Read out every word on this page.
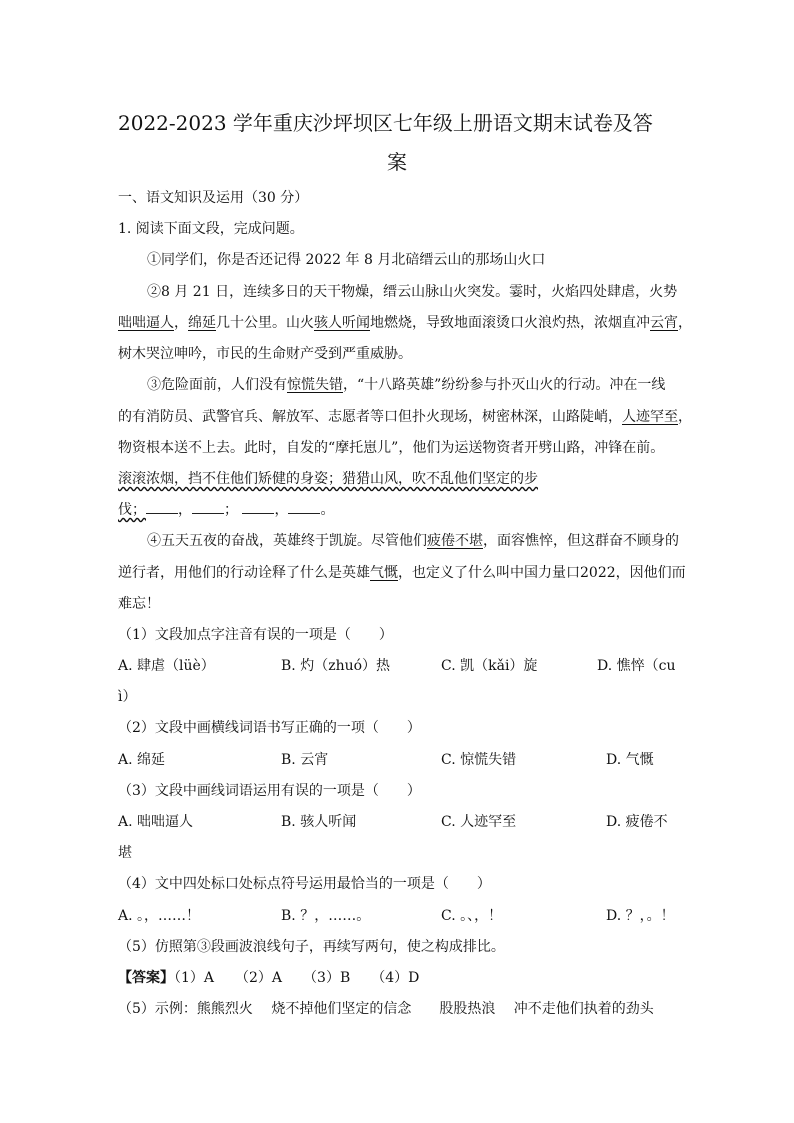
2022-2023 学年重庆沙坪坝区七年级上册语文期末试卷及答
案
一、语文知识及运用（30 分）
1. 阅读下面文段，完成问题。
①同学们，你是否还记得 2022 年 8 月北碚缙云山的那场山火口
②8 月 21 日，连续多日的天干物燥，缙云山脉山火突发。霎时，火焰四处肆虐，火势
咄咄逼人，绵延几十公里。山火骇人听闻地燃烧，导致地面滚烫口火浪灼热，浓烟直冲云宵，
树木哭泣呻吟，市民的生命财产受到严重威胁。
③危险面前，人们没有惊慌失错，“十八路英雄”纷纷参与扑灭山火的行动。冲在一线
的有消防员、武警官兵、解放军、志愿者等口但扑火现场，树密林深，山路陡峭，人迹罕至，
物资根本送不上去。此时，自发的“摩托崽儿”，他们为运送物资者开劈山路，冲锋在前。
滚滚浓烟，挡不住他们矫健的身姿；猎猎山风，吹不乱他们坚定的步
伐； ， ；	， 。
④五天五夜的奋战，英雄终于凯旋。尽管他们疲倦不堪，面容憔悴，但这群奋不顾身的
逆行者，用他们的行动诠释了什么是英雄气慨，也定义了什么叫中国力量口2022，因他们而
难忘！
（1）文段加点字注音有误的一项是（　　）
A. 肆虐（lüè）	B. 灼（zhuó）热	C. 凯（kǎi）旋	D. 憔悴（cu
ì）
（2）文段中画横线词语书写正确的一项（　　）
A. 绵延	B. 云宵	C. 惊慌失错	D. 气慨
（3）文段中画线词语运用有误的一项是（　　）
A. 咄咄逼人	B. 骇人听闻	C. 人迹罕至	D. 疲倦不
堪
（4）文中四处标口处标点符号运用最恰当的一项是（　　）
A. 。，……！	B. ？，……。	C. 。、，！	D. ？，。！
（5）仿照第③段画波浪线句子，再续写两句，使之构成排比。
【答案】（1）A　　（2）A　　（3）B　　（4）D
（5）示例：熊熊烈火　 烧不掉他们坚定的信念　　股股热浪　 冲不走他们执着的劲头
